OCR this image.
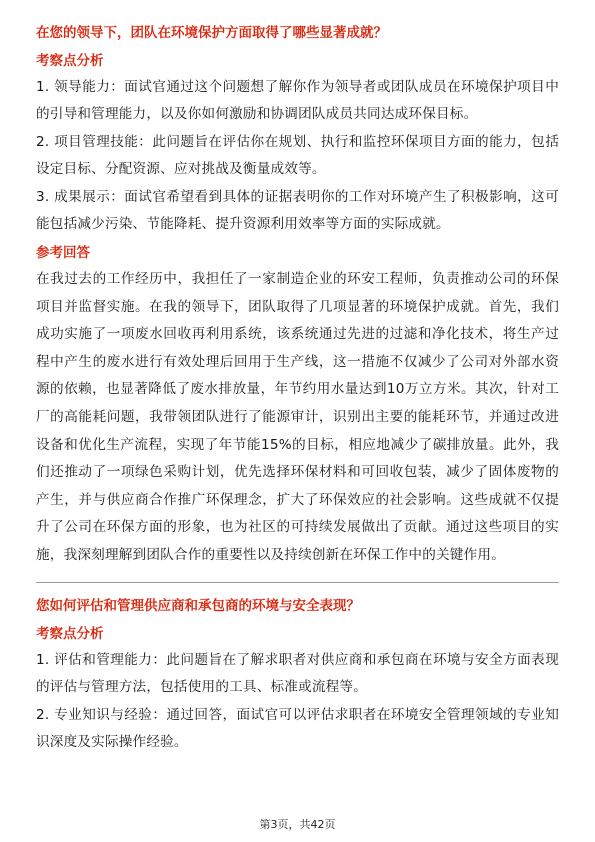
在您的领导下，团队在环境保护方面取得了哪些显著成就？
考察点分析

1. 领导能力：面试官通过这个问题想了解你作为领导者或团队成员在环境保护项目中的引导和管理能力，以及你如何激励和协调团队成员共同达成环保目标。

2. 项目管理技能：此问题旨在评估你在规划、执行和监控环保项目方面的能力，包括设定目标、分配资源、应对挑战及衡量成效等。

3. 成果展示：面试官希望看到具体的证据表明你的工作对环境产生了积极影响，这可能包括减少污染、节能降耗、提升资源利用效率等方面的实际成就。

参考回答

在我过去的工作经历中，我担任了一家制造企业的环安工程师，负责推动公司的环保项目并监督实施。在我的领导下，团队取得了几项显著的环境保护成就。首先，我们成功实施了一项废水回收再利用系统，该系统通过先进的过滤和净化技术，将生产过程中产生的废水进行有效处理后回用于生产线，这一措施不仅减少了公司对外部水资源的依赖，也显著降低了废水排放量，年节约用水量达到10万立方米。其次，针对工厂的高能耗问题，我带领团队进行了能源审计，识别出主要的能耗环节，并通过改进设备和优化生产流程，实现了年节能15%的目标，相应地减少了碳排放量。此外，我们还推动了一项绿色采购计划，优先选择环保材料和可回收包装，减少了固体废物的产生，并与供应商合作推广环保理念，扩大了环保效应的社会影响。这些成就不仅提升了公司在环保方面的形象，也为社区的可持续发展做出了贡献。通过这些项目的实施，我深刻理解到团队合作的重要性以及持续创新在环保工作中的关键作用。

您如何评估和管理供应商和承包商的环境与安全表现？
考察点分析

1. 评估和管理能力：此问题旨在了解求职者对供应商和承包商在环境与安全方面表现的评估与管理方法，包括使用的工具、标准或流程等。

2. 专业知识与经验：通过回答，面试官可以评估求职者在环境安全管理领域的专业知识深度及实际操作经验。

第3页，共42页
